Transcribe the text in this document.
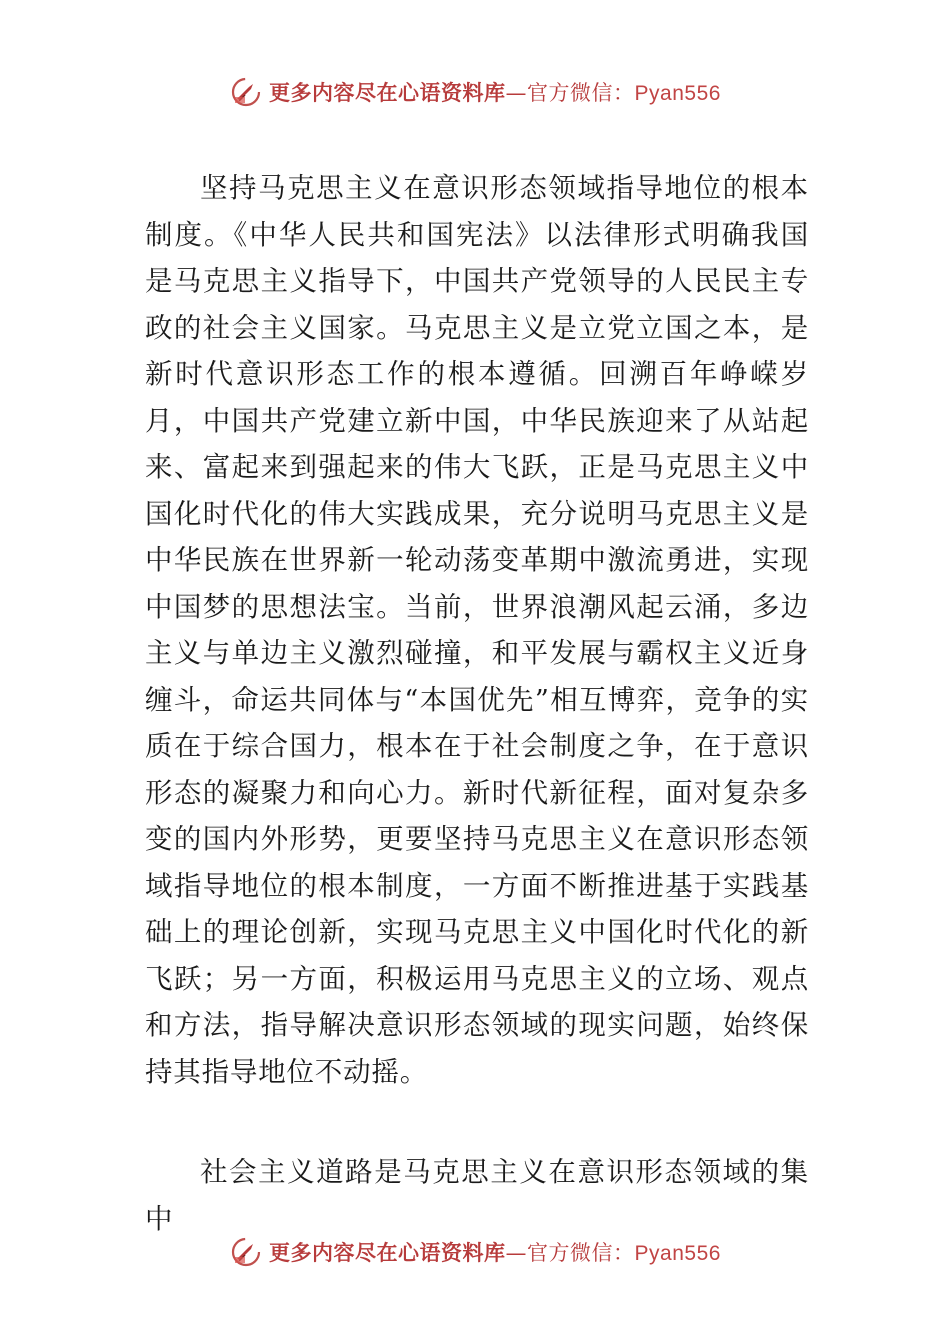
更多内容尽在心语资料库—官方微信：Pyan556

坚持马克思主义在意识形态领域指导地位的根本制度。《中华人民共和国宪法》以法律形式明确我国是马克思主义指导下，中国共产党领导的人民民主专政的社会主义国家。马克思主义是立党立国之本，是新时代意识形态工作的根本遵循。回溯百年峥嵘岁月，中国共产党建立新中国，中华民族迎来了从站起来、富起来到强起来的伟大飞跃，正是马克思主义中国化时代化的伟大实践成果，充分说明马克思主义是中华民族在世界新一轮动荡变革期中激流勇进，实现中国梦的思想法宝。当前，世界浪潮风起云涌，多边主义与单边主义激烈碰撞，和平发展与霸权主义近身缠斗，命运共同体与“本国优先”相互博弈，竞争的实质在于综合国力，根本在于社会制度之争，在于意识形态的凝聚力和向心力。新时代新征程，面对复杂多变的国内外形势，更要坚持马克思主义在意识形态领域指导地位的根本制度，一方面不断推进基于实践基础上的理论创新，实现马克思主义中国化时代化的新飞跃；另一方面，积极运用马克思主义的立场、观点和方法，指导解决意识形态领域的现实问题，始终保持其指导地位不动摇。

社会主义道路是马克思主义在意识形态领域的集中

更多内容尽在心语资料库—官方微信：Pyan556
